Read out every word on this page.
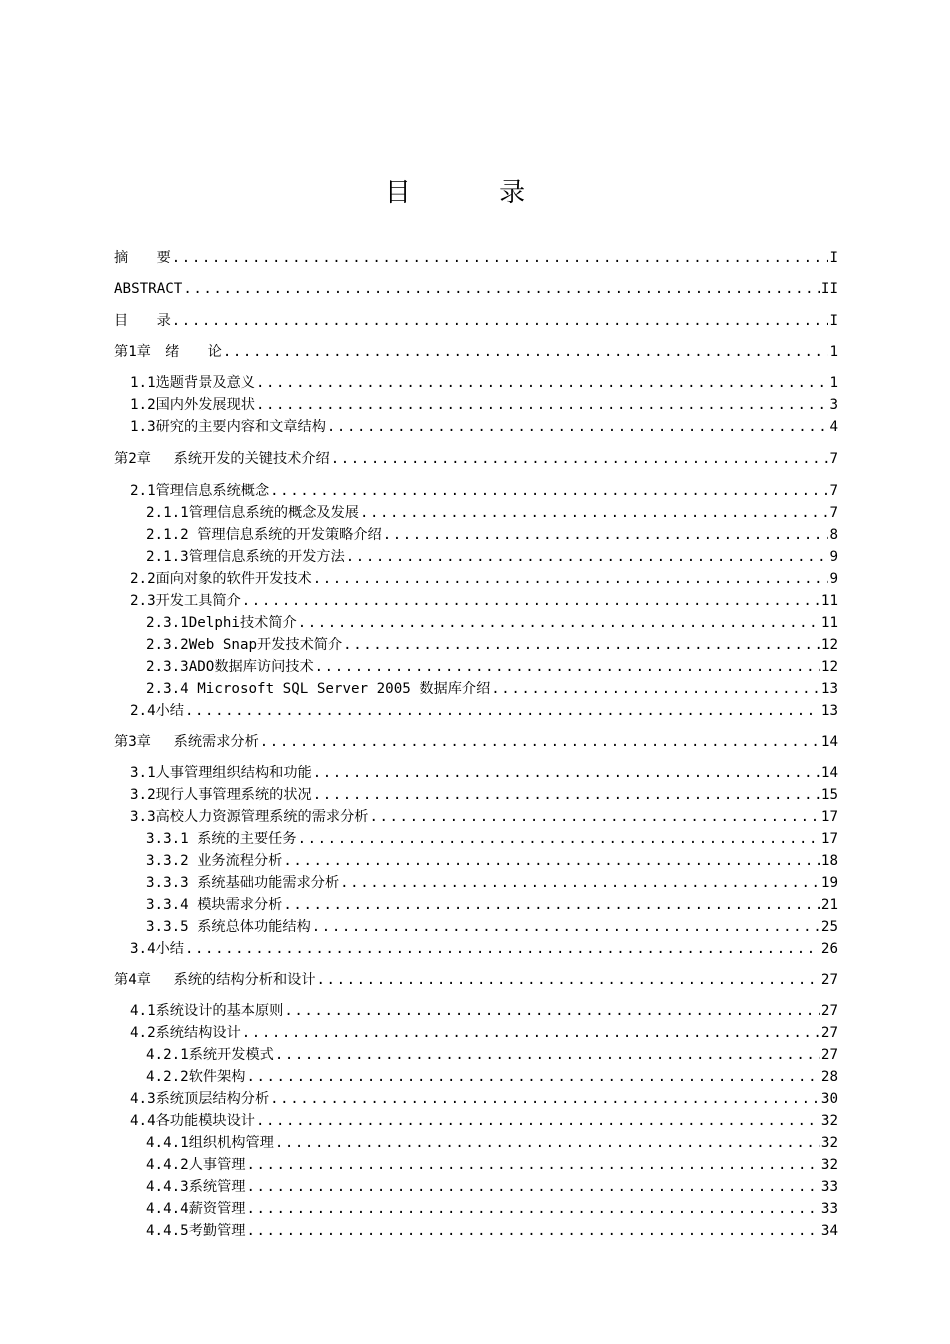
目 录
摘　　要 .....	I
ABSTRACT .....	II
目　　录 .....	I
第1章　绪　　论 .....	1
1.1选题背景及意义 .....	1
1.2国内外发展现状 .....	3
1.3研究的主要内容和文章结构 .....	4
第2章　 系统开发的关键技术介绍 .....	7
2.1管理信息系统概念 .....	7
2.1.1管理信息系统的概念及发展 .....	7
2.1.2 管理信息系统的开发策略介绍 .....	8
2.1.3管理信息系统的开发方法 .....	9
2.2面向对象的软件开发技术 .....	9
2.3开发工具简介 .....	11
2.3.1Delphi技术简介 .....	11
2.3.2Web Snap开发技术简介 .....	12
2.3.3ADO数据库访问技术 .....	12
2.3.4 Microsoft SQL Server 2005 数据库介绍 .....	13
2.4小结 .....	13
第3章　 系统需求分析 .....	14
3.1人事管理组织结构和功能 .....	14
3.2现行人事管理系统的状况 .....	15
3.3高校人力资源管理系统的需求分析 .....	17
3.3.1 系统的主要任务 .....	17
3.3.2 业务流程分析 .....	18
3.3.3 系统基础功能需求分析 .....	19
3.3.4 模块需求分析 .....	21
3.3.5 系统总体功能结构 .....	25
3.4小结 .....	26
第4章　 系统的结构分析和设计 .....	27
4.1系统设计的基本原则 .....	27
4.2系统结构设计 .....	27
4.2.1系统开发模式 .....	27
4.2.2软件架构 .....	28
4.3系统顶层结构分析 .....	30
4.4各功能模块设计 .....	32
4.4.1组织机构管理 .....	32
4.4.2人事管理 .....	32
4.4.3系统管理 .....	33
4.4.4薪资管理 .....	33
4.4.5考勤管理 .....	34
